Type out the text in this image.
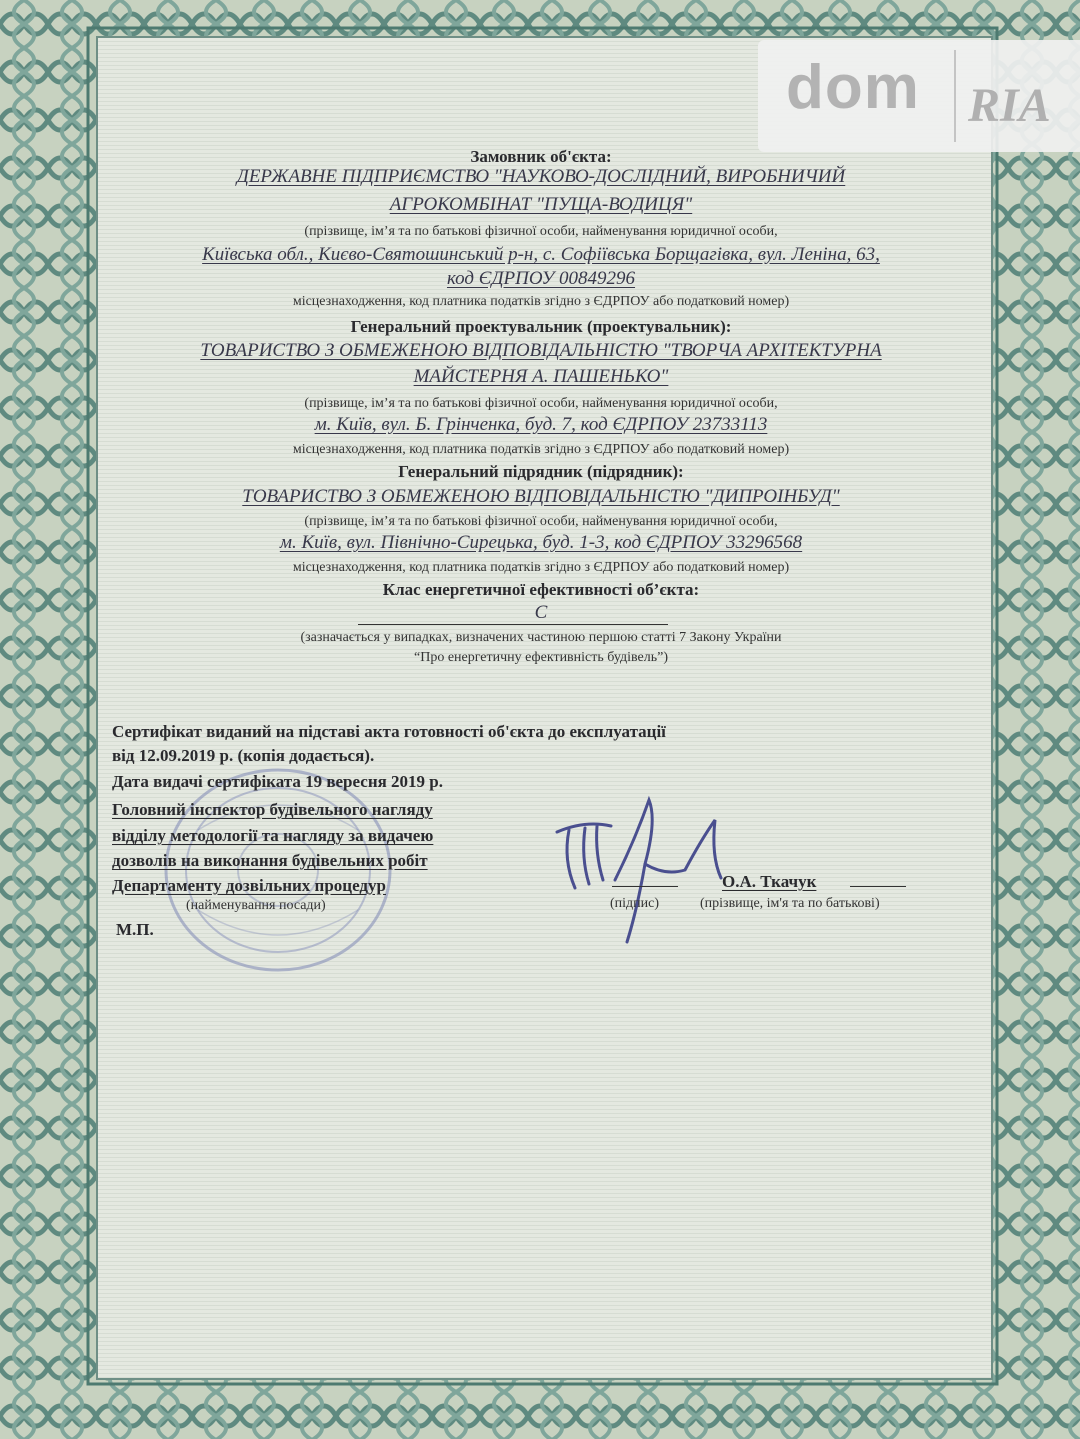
dom RIA
Замовник об'єкта:
ДЕРЖАВНЕ ПІДПРИЄМСТВО "НАУКОВО-ДОСЛІДНИЙ, ВИРОБНИЧИЙ
АГРОКОМБІНАТ "ПУЩА-ВОДИЦЯ"
(прізвище, ім’я та по батькові фізичної особи, найменування юридичної особи,
Київська обл., Києво-Святошинський р-н, с. Софіївська Борщагівка, вул. Леніна, 63,
код ЄДРПОУ 00849296
місцезнаходження, код платника податків згідно з ЄДРПОУ або податковий номер)
Генеральний проектувальник (проектувальник):
ТОВАРИСТВО З ОБМЕЖЕНОЮ ВІДПОВІДАЛЬНІСТЮ "ТВОРЧА АРХІТЕКТУРНА
МАЙСТЕРНЯ А. ПАШЕНЬКО"
(прізвище, ім’я та по батькові фізичної особи, найменування юридичної особи,
м. Київ, вул. Б. Грінченка, буд. 7, код ЄДРПОУ 23733113
місцезнаходження, код платника податків згідно з ЄДРПОУ або податковий номер)
Генеральний підрядник (підрядник):
ТОВАРИСТВО З ОБМЕЖЕНОЮ ВІДПОВІДАЛЬНІСТЮ "ДИПРОІНБУД"
(прізвище, ім’я та по батькові фізичної особи, найменування юридичної особи,
м. Київ, вул. Північно-Сирецька, буд. 1-3, код ЄДРПОУ 33296568
місцезнаходження, код платника податків згідно з ЄДРПОУ або податковий номер)
Клас енергетичної ефективності об’єкта:
С
(зазначається у випадках, визначених частиною першою статті 7 Закону України
“Про енергетичну ефективність будівель”)
Сертифікат виданий на підставі акта готовності об'єкта до експлуатації
від 12.09.2019 р. (копія додається).
Дата видачі сертифіката 19 вересня 2019 р.
Головний інспектор будівельного нагляду
відділу методології та нагляду за видачею
дозволів на виконання будівельних робіт
Департаменту дозвільних процедур
(найменування посади)
М.П.
(підпис)
О.А. Ткачук
(прізвище, ім'я та по батькові)
